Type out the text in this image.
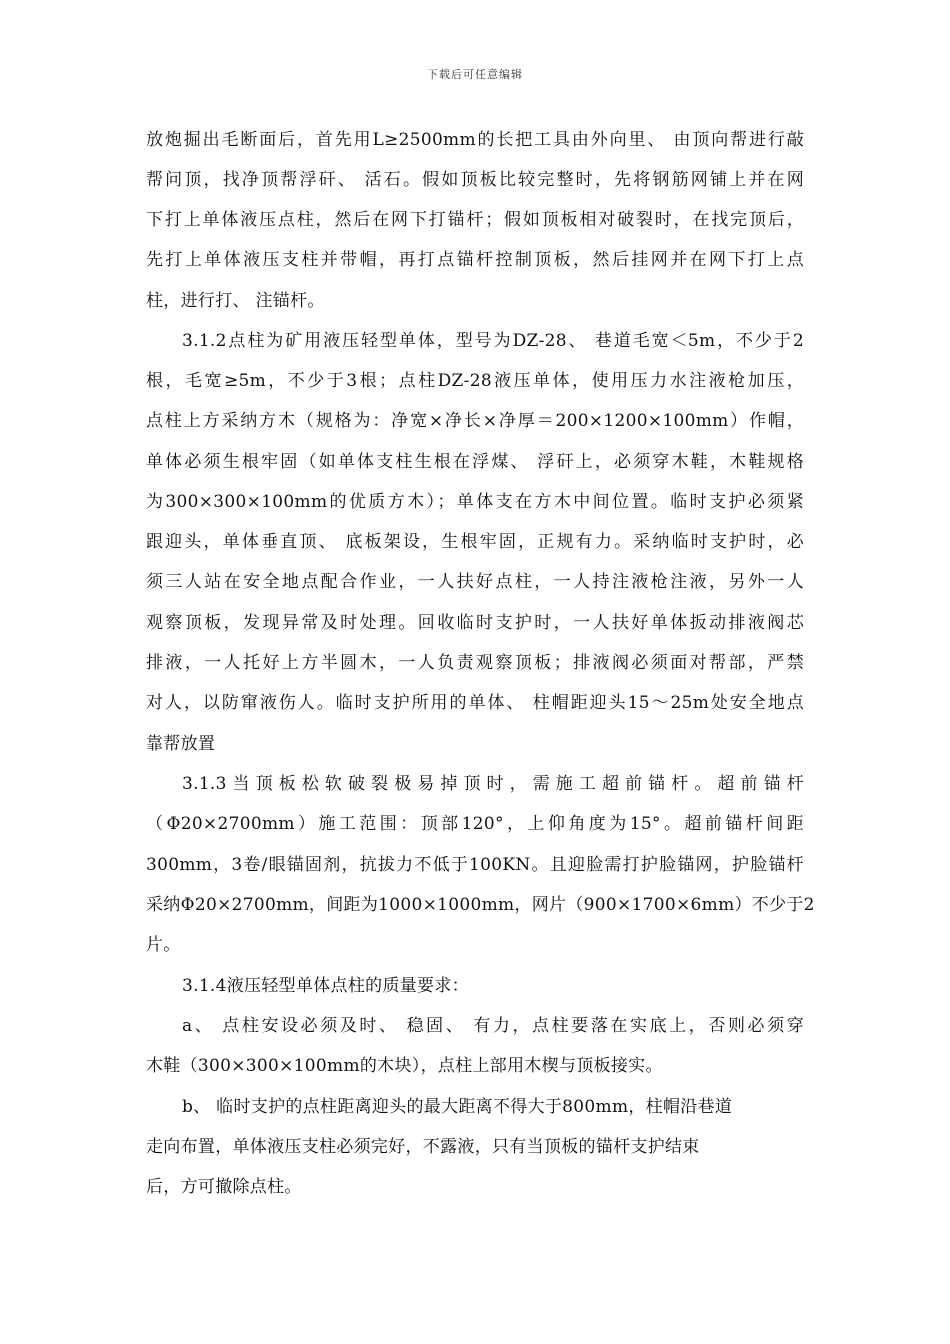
下载后可任意编辑
放炮掘出毛断面后，首先用L≥2500mm的长把工具由外向里、 由顶向帮进行敲
帮问顶，找净顶帮浮矸、 活石。假如顶板比较完整时，先将钢筋网铺上并在网
下打上单体液压点柱，然后在网下打锚杆；假如顶板相对破裂时，在找完顶后，
先打上单体液压支柱并带帽，再打点锚杆控制顶板，然后挂网并在网下打上点
柱，进行打、 注锚杆。
3.1.2点柱为矿用液压轻型单体，型号为DZ-28、 巷道毛宽＜5m，不少于2
根，毛宽≥5m，不少于3根；点柱DZ-28液压单体，使用压力水注液枪加压，
点柱上方采纳方木（规格为：净宽×净长×净厚＝200×1200×100mm）作帽，
单体必须生根牢固（如单体支柱生根在浮煤、 浮矸上，必须穿木鞋，木鞋规格
为300×300×100mm的优质方木）；单体支在方木中间位置。临时支护必须紧
跟迎头，单体垂直顶、 底板架设，生根牢固，正规有力。采纳临时支护时，必
须三人站在安全地点配合作业，一人扶好点柱，一人持注液枪注液，另外一人
观察顶板，发现异常及时处理。回收临时支护时，一人扶好单体扳动排液阀芯
排液，一人托好上方半圆木，一人负责观察顶板；排液阀必须面对帮部，严禁
对人，以防窜液伤人。临时支护所用的单体、 柱帽距迎头15～25m处安全地点
靠帮放置
3.1.3当顶板松软破裂极易掉顶时，需施工超前锚杆。超前锚杆
（Φ20×2700mm）施工范围：顶部120°，上仰角度为15°。超前锚杆间距
300mm，3卷/眼锚固剂，抗拔力不低于100KN。且迎脸需打护脸锚网，护脸锚杆
采纳Φ20×2700mm，间距为1000×1000mm，网片（900×1700×6mm）不少于2
片。
3.1.4液压轻型单体点柱的质量要求：
a、 点柱安设必须及时、 稳固、 有力，点柱要落在实底上，否则必须穿
木鞋（300×300×100mm的木块），点柱上部用木楔与顶板接实。
b、 临时支护的点柱距离迎头的最大距离不得大于800mm，柱帽沿巷道
走向布置，单体液压支柱必须完好，不露液，只有当顶板的锚杆支护结束
后，方可撤除点柱。
